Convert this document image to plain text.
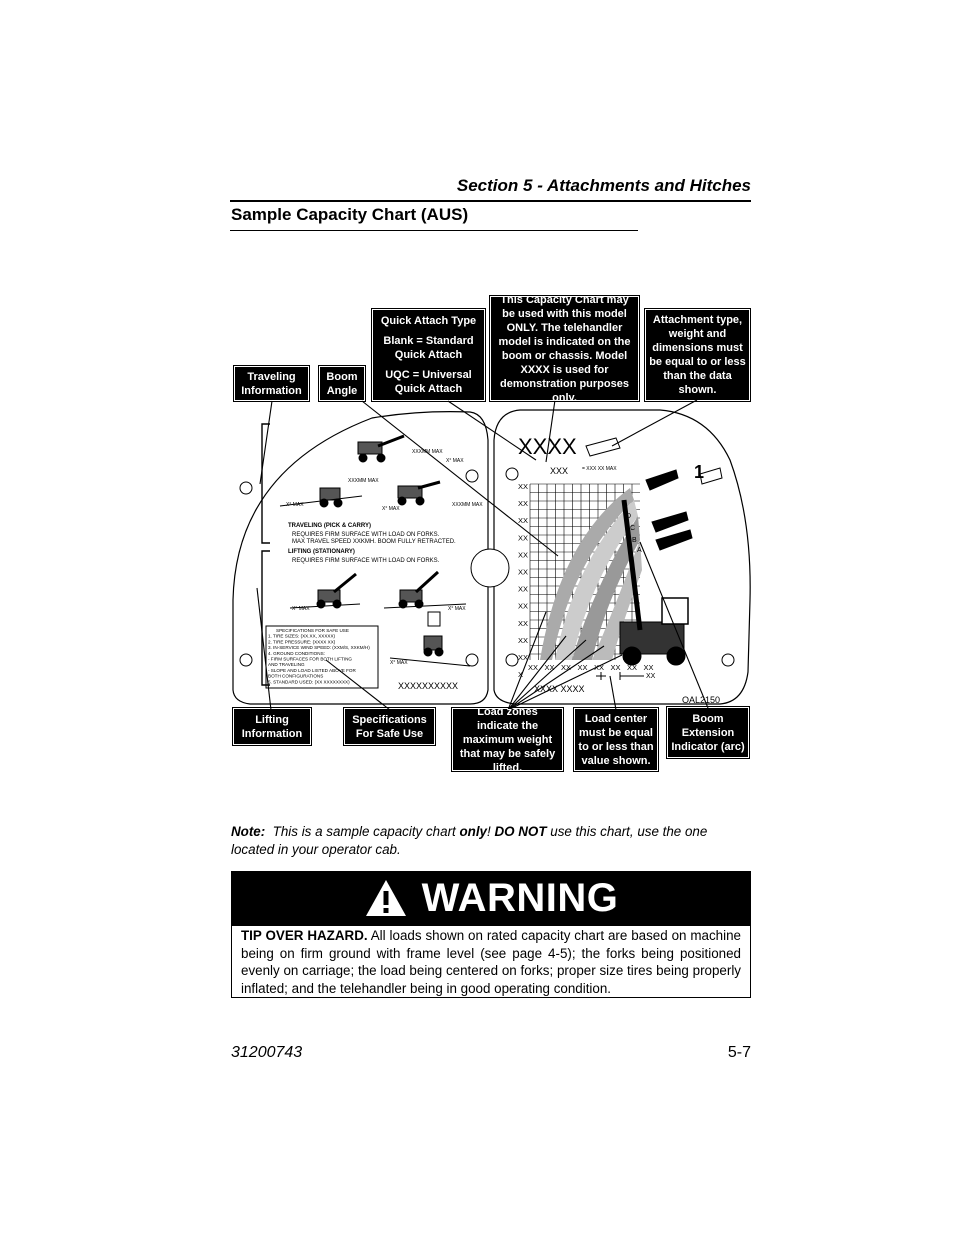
Section 5 - Attachments and Hitches
Sample Capacity Chart (AUS)
XXXX
XXX	= XXX XX MAX	1
TRAVELING (PICK & CARRY)
REQUIRES FIRM SURFACE WITH LOAD ON FORKS.
MAX TRAVEL SPEED XXKMH. BOOM FULLY RETRACTED.
LIFTING (STATIONARY)
REQUIRES FIRM SURFACE WITH LOAD ON FORKS.
XXXMM MAX
X° MAX
X° MAX
X° MAX
XXXMM MAX
XXXMM MAX
X° MAX	X° MAX
X° MAX
XXXXXXXXXX
XX
XXXX XXXX
OAL2150
SPECIFICATIONS FOR SAFE USE
1. TIRE SIZES: (XX.XX, XXXXX)
2. TIRE PRESSURE: (XXXX XX)
3. IN-SERVICE WIND SPEED: (XXM/S, XXKM/H)
4. GROUND CONDITIONS:
- FIRM SURFACES FOR BOTH LIFTING
AND TRAVELING
- SLOPE AND LOAD LISTED ABOVE FOR
BOTH CONFIGURATIONS
5. STANDARD USED: (XX XXXXXXXX)
XX
XX
XX
XX
XX
XX
XX
XX
XX
XX
XX
X
XX XX XX XX XX XX XX XX
A
B
C
D
E
Traveling Information
Boom Angle
Quick Attach Type
Blank = Standard Quick Attach
UQC = Universal Quick Attach
This Capacity Chart may be used with this model ONLY. The telehandler model is indicated on the boom or chassis. Model XXXX is used for demonstration purposes only.
Attachment type, weight and dimensions must be equal to or less than the data shown.
Lifting Information
Specifications For Safe Use
Load zones indicate the maximum weight that may be safely lifted.
Load center must be equal to or less than value shown.
Boom Extension Indicator (arc)
Note: This is a sample capacity chart only! DO NOT use this chart, use the one located in your operator cab.
WARNING
TIP OVER HAZARD. All loads shown on rated capacity chart are based on machine being on firm ground with frame level (see page 4-5); the forks being positioned evenly on carriage; the load being centered on forks; proper size tires being properly inflated; and the telehandler being in good operating condition.
31200743	5-7
